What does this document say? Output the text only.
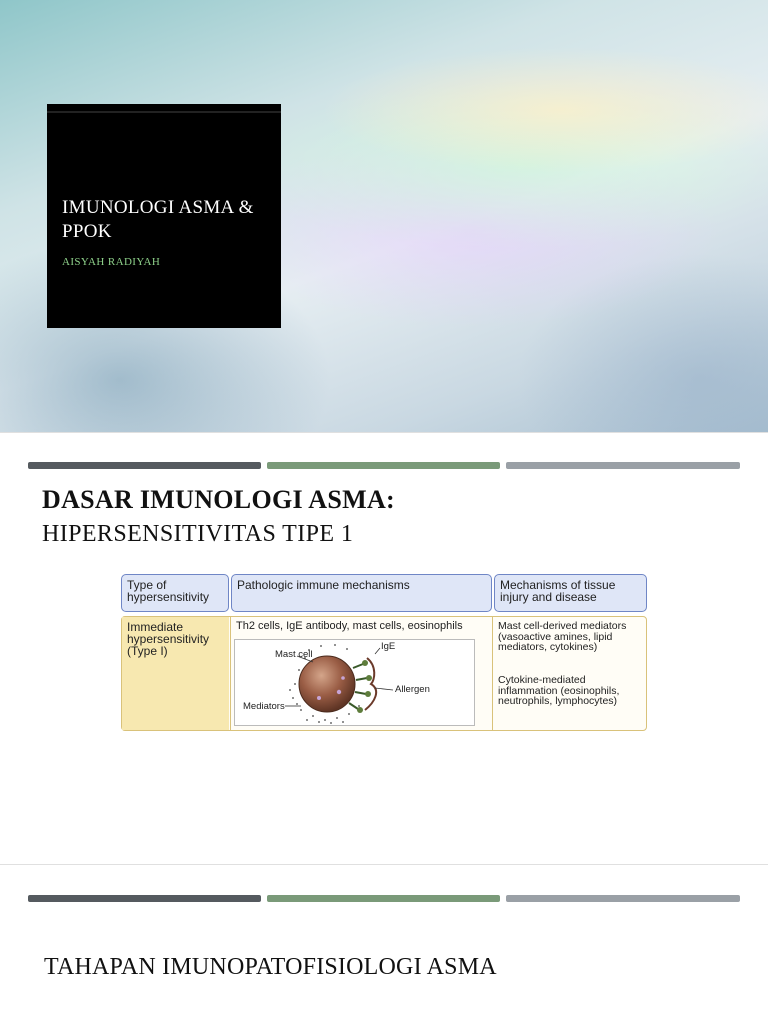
IMUNOLOGI ASMA & PPOK
AISYAH RADIYAH
DASAR IMUNOLOGI ASMA:
HIPERSENSITIVITAS TIPE 1
Type of hypersensitivity
Pathologic immune mechanisms	Mechanisms of tissue injury and disease
Immediate hypersensitivity (Type I)
Th2 cells, IgE antibody, mast cells, eosinophils	Mast cell-derived mediators (vasoactive amines, lipid mediators, cytokines)
Cytokine-mediated inflammation (eosinophils, neutrophils, lymphocytes)
Mast cell
IgE
Allergen
Mediators
TAHAPAN IMUNOPATOFISIOLOGI ASMA
